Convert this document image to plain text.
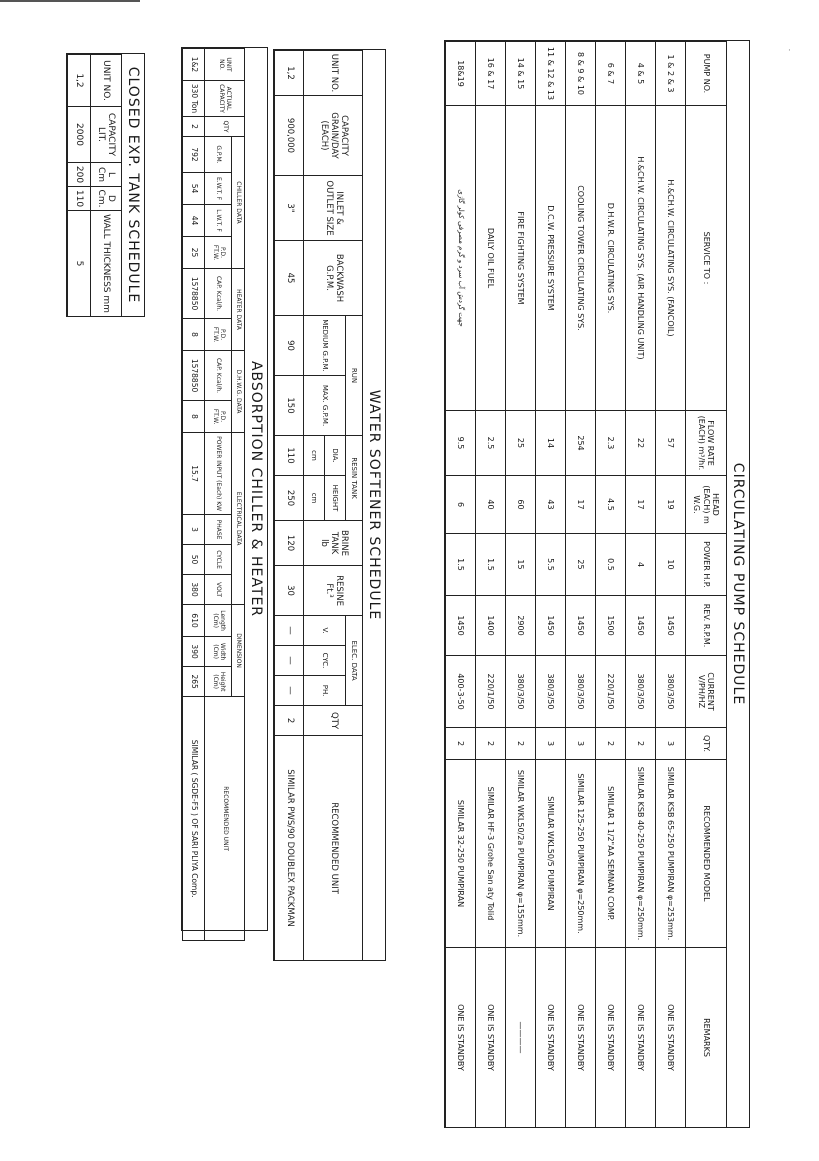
·
CIRCULATING PUMP SCHEDULE
PUMP NO.	SERVICE TO :	FLOW RATE (EACH) m³/hr.	HEAD (EACH) m W.G.	POWER H.P.	REV. R.P.M.	CURRENT V/PH/HZ	QTY.	RECOMMENDED MODEL	REMARKS
1 & 2 & 3	H.&CH.W. CIRCULATING SYS. (FANCOIL)	57	19	10	1450	380/3/50	3	SIMILAR KSB 65-250 PUMPIRAN φ=253mm.	ONE IS STANDBY
4 & 5	H.&CH.W. CIRCULATING SYS. (AIR HANDLING UNIT)	22	17	4	1450	380/3/50	2	SIMILAR KSB 40-250 PUMPIRAN φ=250mm.	ONE IS STANDBY
6 & 7	D.H.W.R. CIRCULATING SYS.	2.3	4.5	0.5	1500	220/1/50	2	SIMILAR 1 1/2"AA SEMNAN COMP.	ONE IS STANDBY
8 & 9 & 10	COOLING TOWER CIRCULATING SYS.	254	17	25	1450	380/3/50	3	SIMILAR 125-250 PUMPIRAN φ=250mm.	ONE IS STANDBY
11 & 12 & 13	D.C.W. PRESSURE SYSTEM	14	43	5.5	1450	380/3/50	3	SIMILAR WKL50/5 PUMPIRAN	ONE IS STANDBY
14 & 15	FIRE FIGHTING SYSTEM	25	60	15	2900	380/3/50	2	SIMILAR WKL50/2a PUMPIRAN φ=155mm.	————
16 & 17	DAILY OIL FUEL	2.5	40	1.5	1400	220/1/50	2	SIMILAR HF-3 Grohe San aty Tolid	ONE IS STANDBY
18&19	جهت گردش آب سرد و گرم مصرفی کولر گازی	9.5	6	1.5	1450	400-3-50	2	SIMILAR 32-250 PUMPIRAN	ONE IS STANDBY
WATER SOFTENER SCHEDULE
UNIT NO.	CAPACITY GRAIN/DAY (EACH)	INLET & OUTLET SIZE	BACKWASH G.P.M.	RUN		RESIN TANK		BRINE TANK
lb	RESINE Ft.³	ELEC. DATA			QTY	RECOMMENDED UNIT
				MEDIUM G.P.M.	MAX. G.P.M.	DIA.	HEIGHT			V.	CYC.	PH.		
						cm	cm							
1,2	900,000	3"	45	90	150	110	250	120	30	—	—	—	2	SIMILAR PWS/90 DOUBLEX PACKMAN
ABSORPTION CHILLER & HEATER
UNIT NO.	ACTUAL CAPACITY	QTY	CHILLER DATA				HEATER DATA		D.H.W.G. DATA		ELECTRICAL DATA				DIMENSION			RECOMMENDED UNIT
			G.P.M.	E.W.T. F	L.W.T. F	P.D. FT.W.	CAP. Kcal/h.	P.D. FT.W.	CAP. Kcal/h.	P.D. FT.W.	POWER INPUT (Each) KW	PHASE	CYCLE	VOLT	Length (Cm)	Width (Cm)	Height (Cm)	
1&2	330 Ton	2	792	54	44	25	1578850	8	1578850	8	15.7	3	50	380	610	390	265	SIMILAR ( SGDE-F5 ) OF SARI PLIYA Comp.
CLOSED EXP. TANK SCHEDULE
UNIT NO.	CAPACITY LIT.	L Cm	D Cm.	WALL THICKNESS mm
1,2	2000	200	110	5
